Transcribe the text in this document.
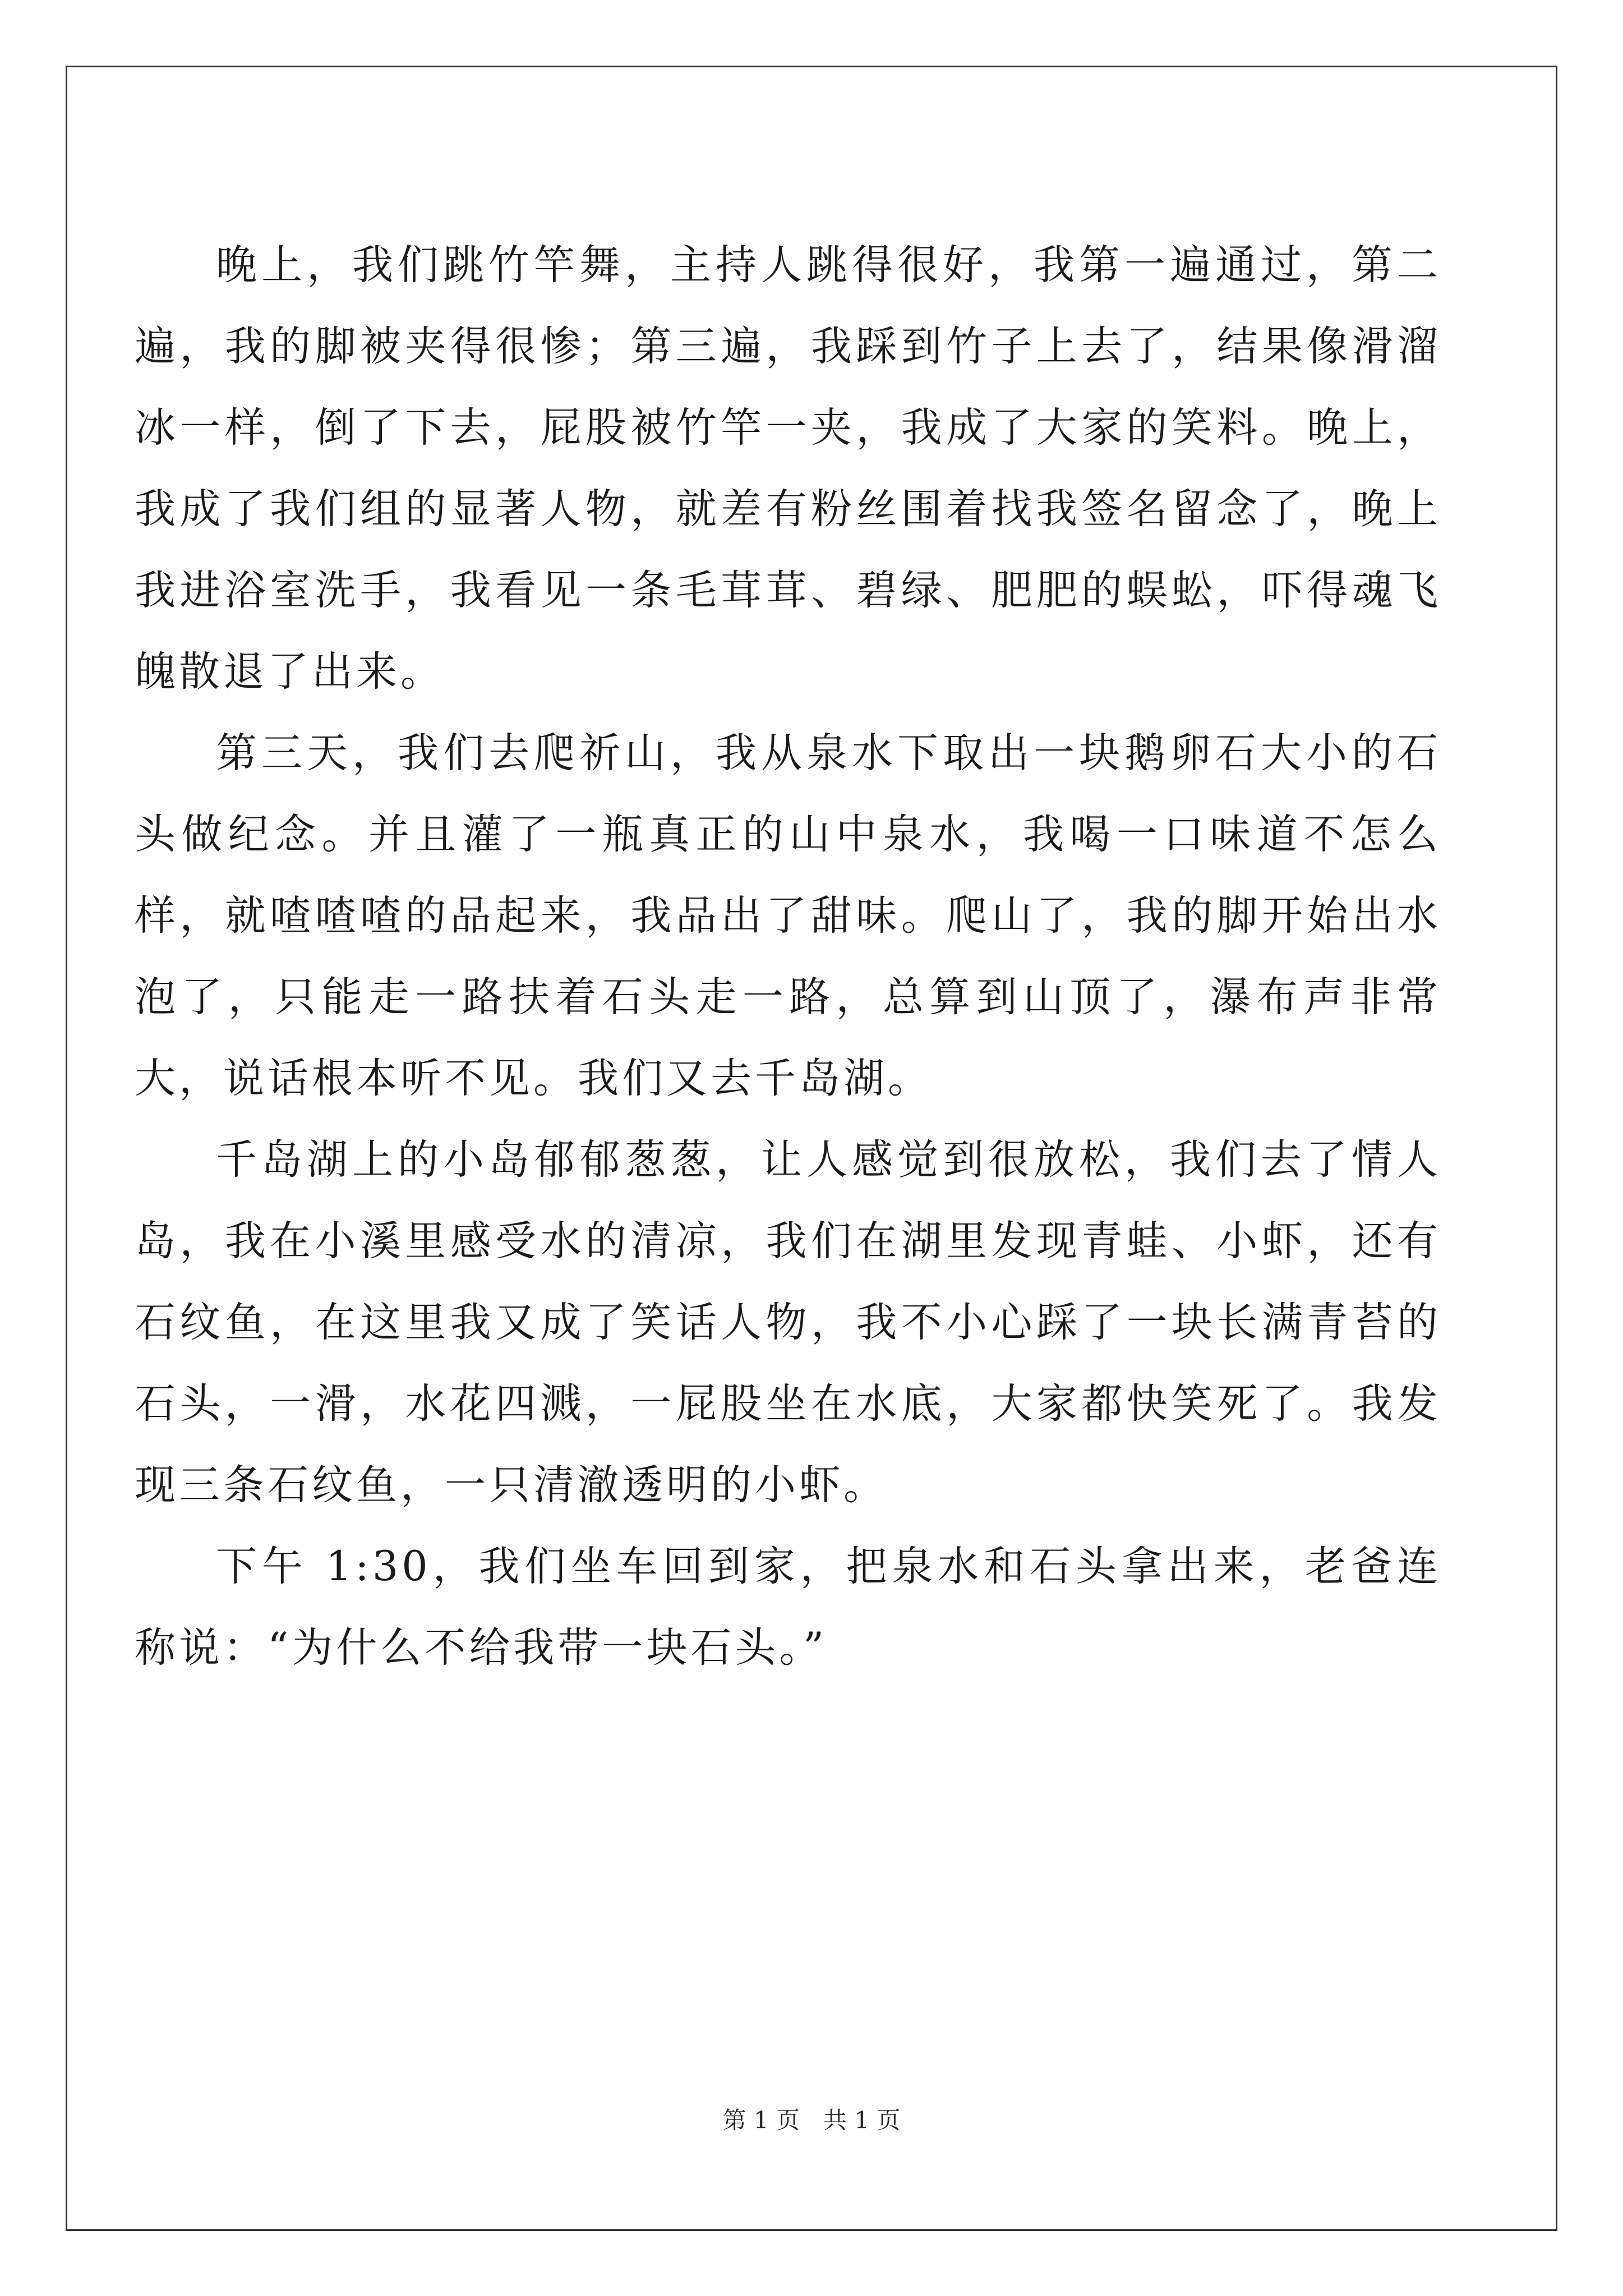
晚上，我们跳竹竿舞，主持人跳得很好，我第一遍通过，第二遍，我的脚被夹得很惨；第三遍，我踩到竹子上去了，结果像滑溜冰一样，倒了下去，屁股被竹竿一夹，我成了大家的笑料。晚上，我成了我们组的显著人物，就差有粉丝围着找我签名留念了，晚上我进浴室洗手，我看见一条毛茸茸、碧绿、肥肥的蜈蚣，吓得魂飞魄散退了出来。

第三天，我们去爬祈山，我从泉水下取出一块鹅卵石大小的石头做纪念。并且灌了一瓶真正的山中泉水，我喝一口味道不怎么样，就喳喳喳的品起来，我品出了甜味。爬山了，我的脚开始出水泡了，只能走一路扶着石头走一路，总算到山顶了，瀑布声非常大，说话根本听不见。我们又去千岛湖。

千岛湖上的小岛郁郁葱葱，让人感觉到很放松，我们去了情人岛，我在小溪里感受水的清凉，我们在湖里发现青蛙、小虾，还有石纹鱼，在这里我又成了笑话人物，我不小心踩了一块长满青苔的石头，一滑，水花四溅，一屁股坐在水底，大家都快笑死了。我发现三条石纹鱼，一只清澈透明的小虾。

下午 1:30，我们坐车回到家，把泉水和石头拿出来，老爸连称说：“为什么不给我带一块石头。”

第 1 页　共 1 页
